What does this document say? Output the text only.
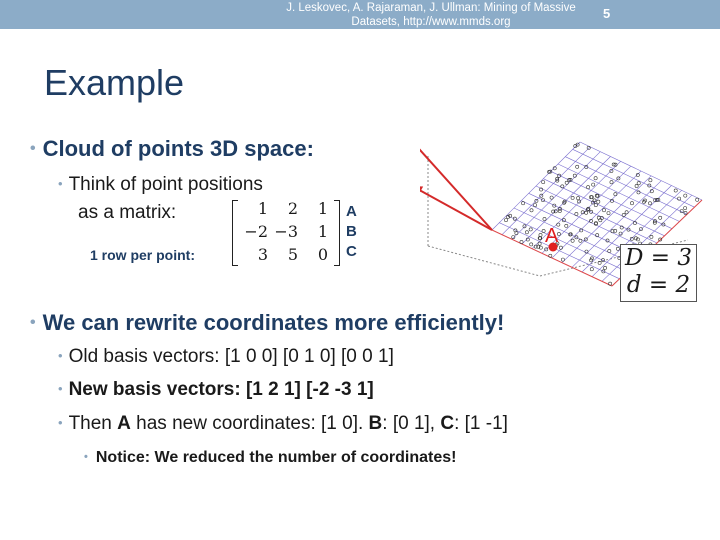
J. Leskovec, A. Rajaraman, J. Ullman: Mining of Massive
Datasets, http://www.mmds.org
5
Example
• Cloud of points 3D space:
• Think of point positions
as a matrix:
1 row per point:
1	2	1
−2 −3	1
3	5	0
A
B
C
A
D = 3
d = 2
• We can rewrite coordinates more efficiently!
• Old basis vectors: [1 0 0] [0 1 0] [0 0 1]
• New basis vectors: [1 2 1] [-2 -3 1]
• Then A has new coordinates: [1 0]. B: [0 1], C: [1 -1]
• Notice: We reduced the number of coordinates!
